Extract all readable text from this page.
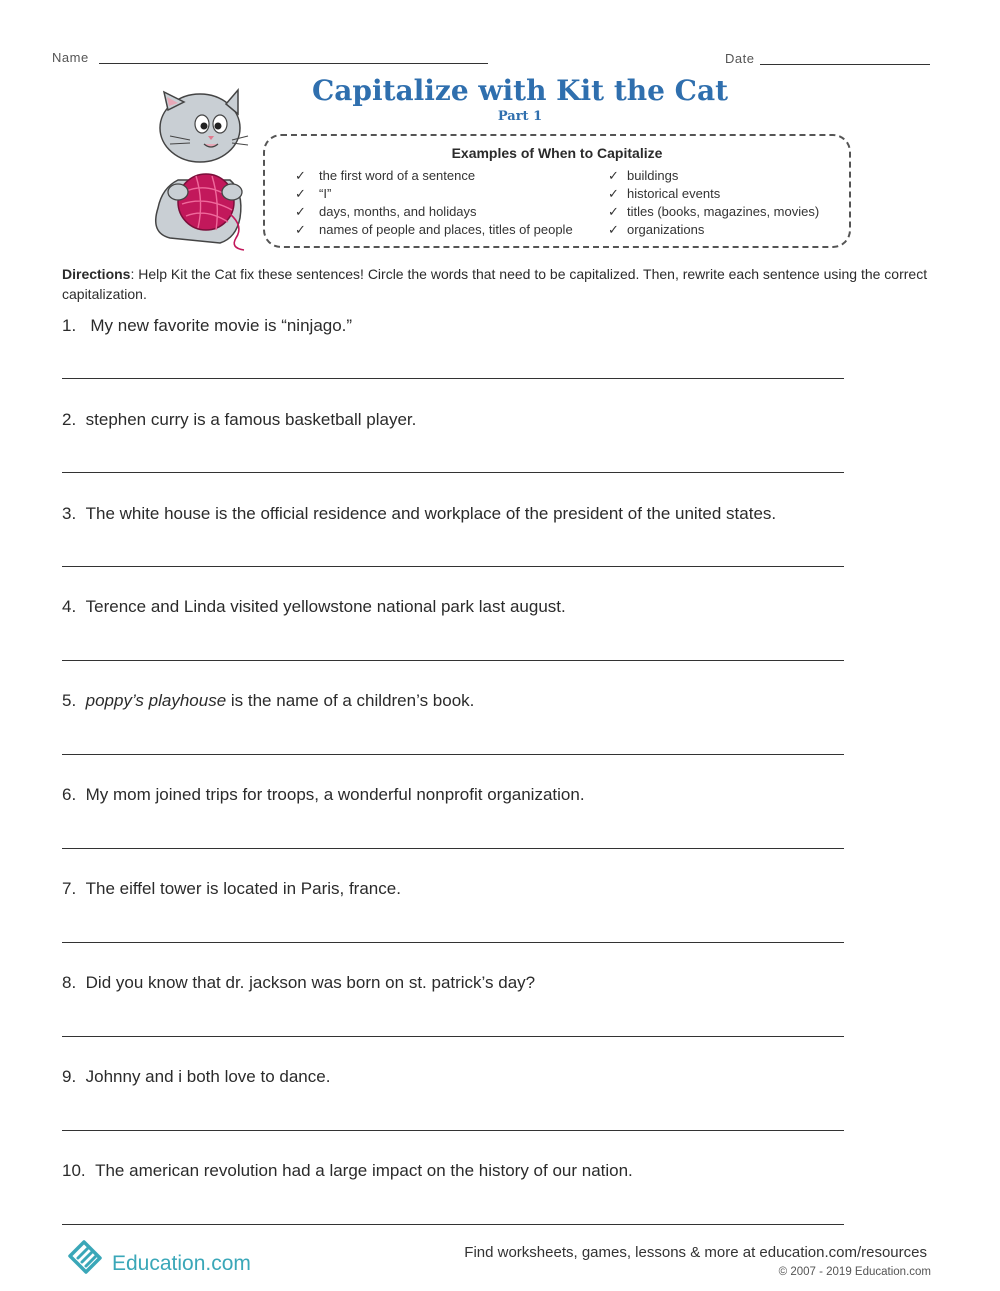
Name	Date
Capitalize with Kit the Cat
Part 1
Examples of When to Capitalize
✓ the first word of a sentence
✓ “I”
✓ days, months, and holidays
✓ names of people and places, titles of people
✓ buildings
✓ historical events
✓ titles (books, magazines, movies)
✓ organizations
Directions: Help Kit the Cat fix these sentences! Circle the words that need to be capitalized. Then, rewrite each sentence using the correct capitalization.
1. My new favorite movie is “ninjago.”
2. stephen curry is a famous basketball player.
3. The white house is the official residence and workplace of the president of the united states.
4. Terence and Linda visited yellowstone national park last august.
5. poppy’s playhouse is the name of a children’s book.
6. My mom joined trips for troops, a wonderful nonprofit organization.
7. The eiffel tower is located in Paris, france.
8. Did you know that dr. jackson was born on st. patrick’s day?
9. Johnny and i both love to dance.
10. The american revolution had a large impact on the history of our nation.
Education.com	Find worksheets, games, lessons & more at education.com/resources
© 2007 - 2019 Education.com
